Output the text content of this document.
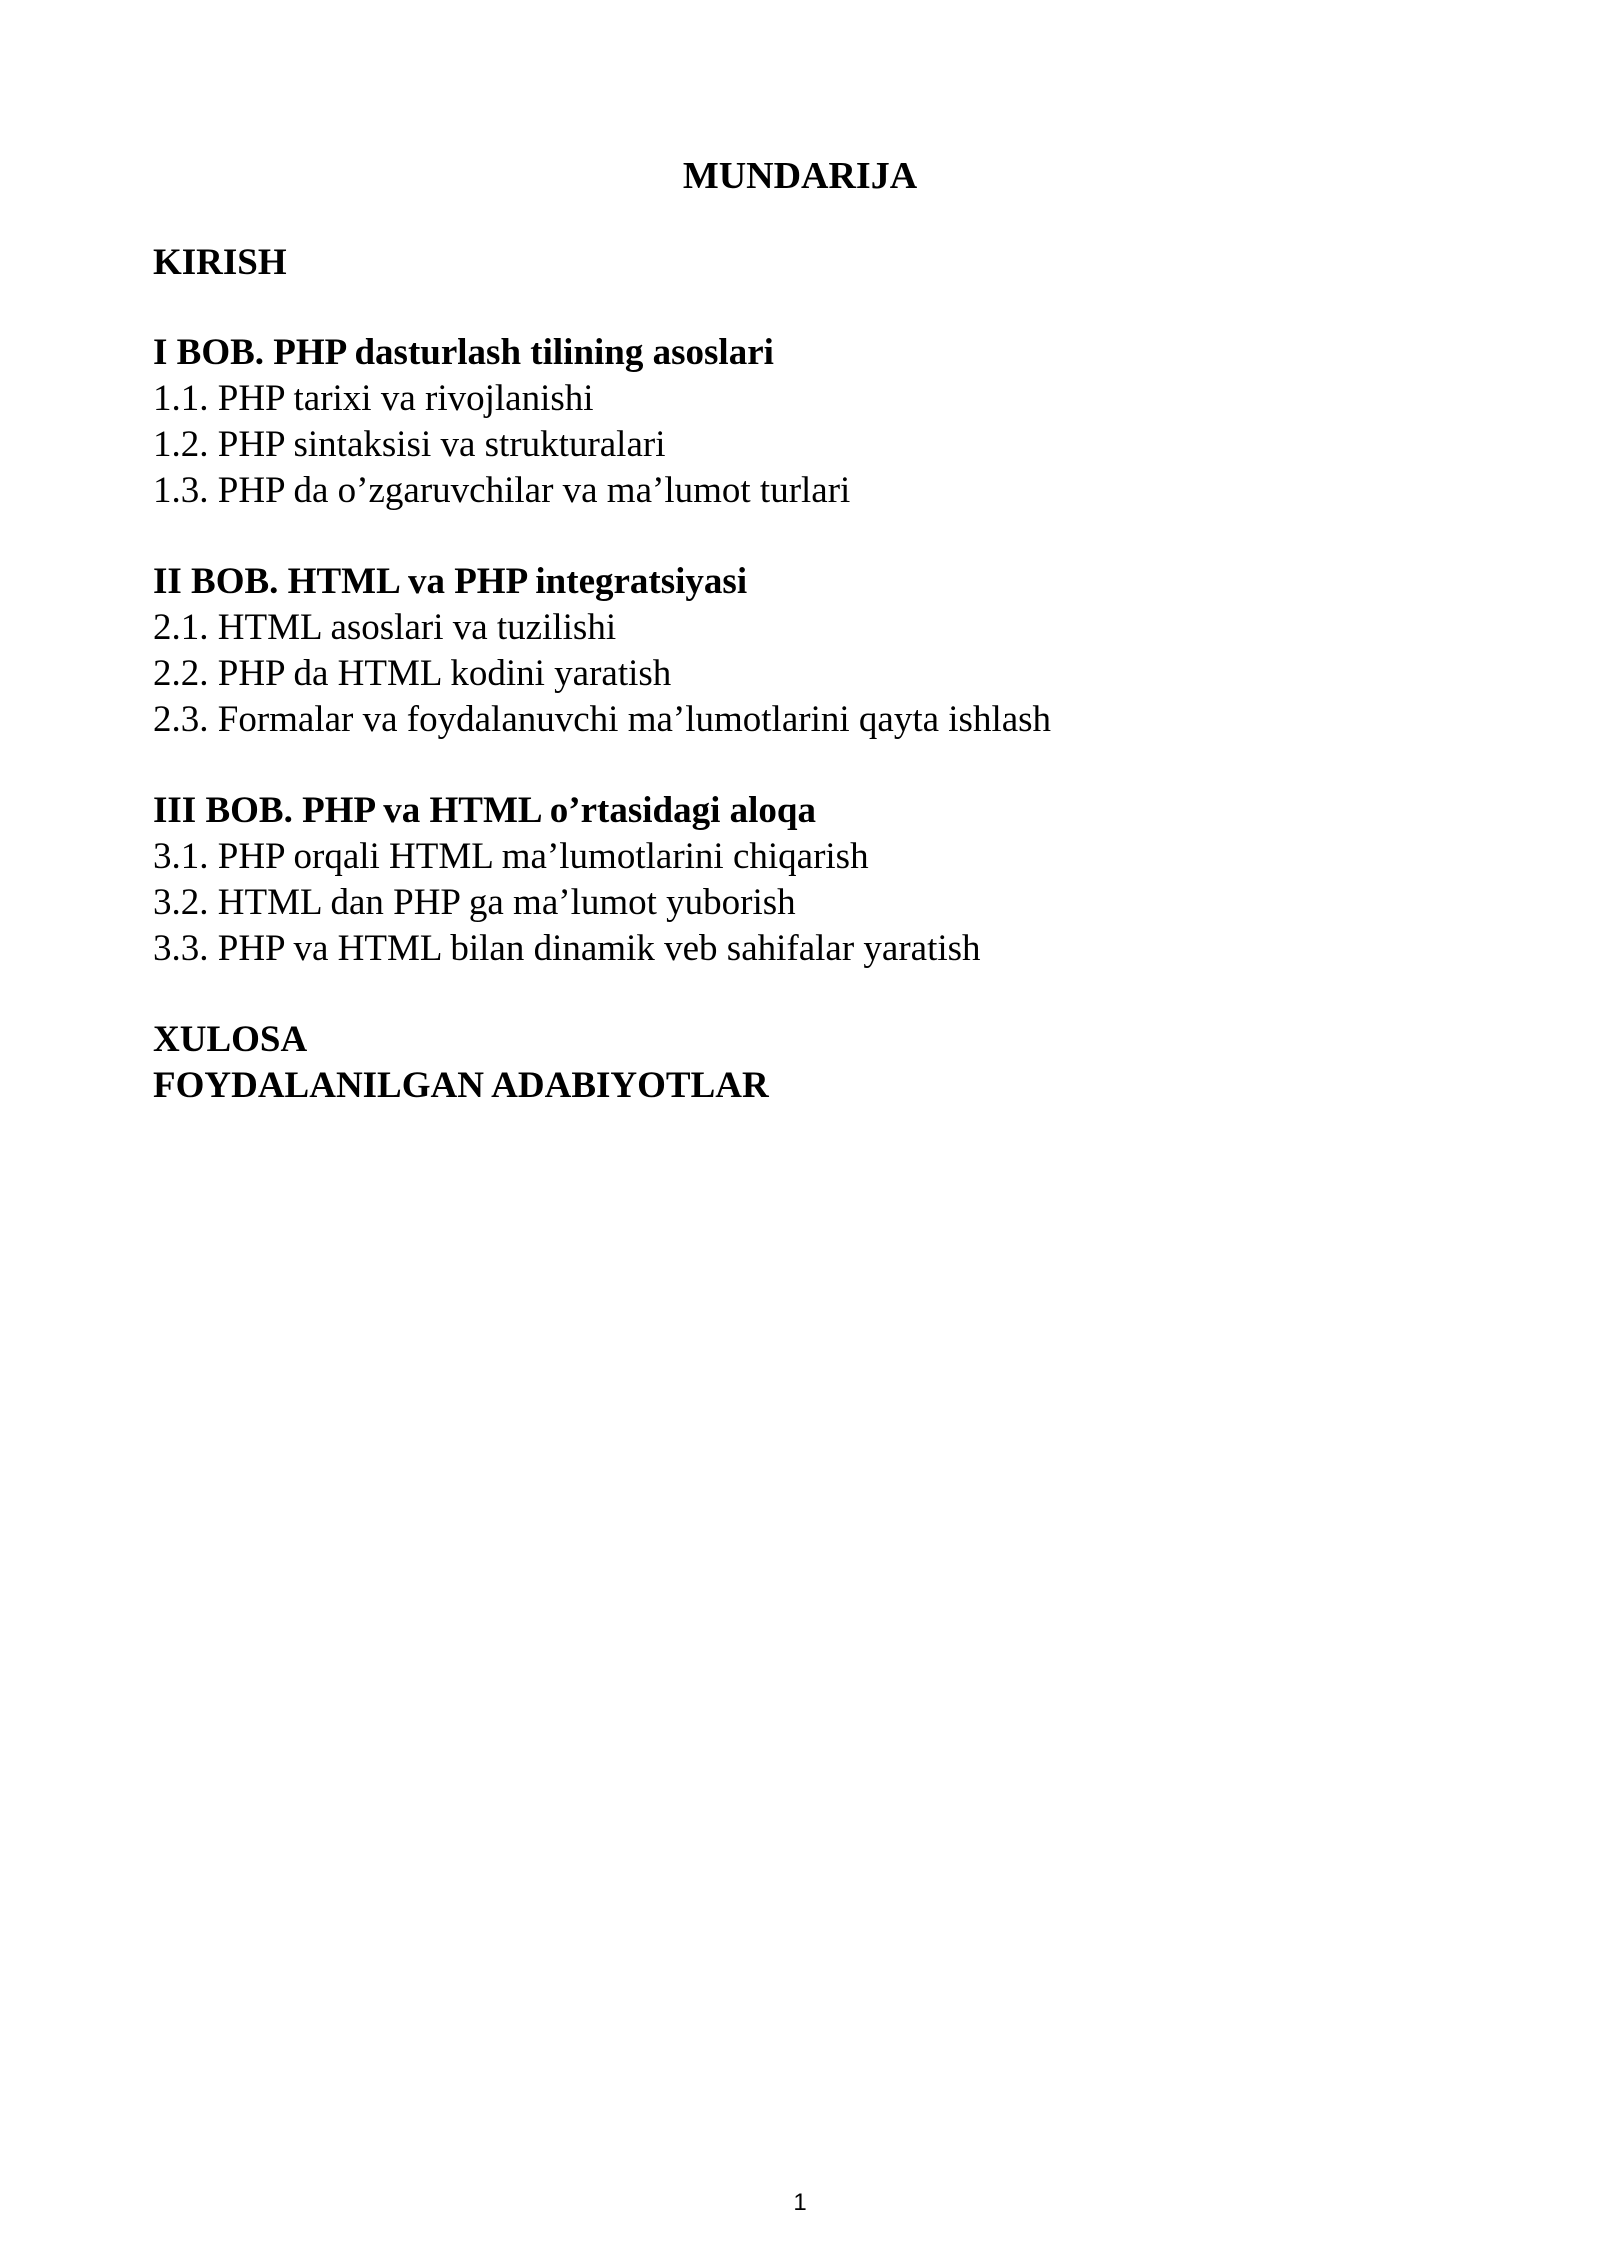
MUNDARIJA
KIRISH
I BOB. PHP dasturlash tilining asoslari
1.1. PHP tarixi va rivojlanishi
1.2. PHP sintaksisi va strukturalari
1.3. PHP da o’zgaruvchilar va ma’lumot turlari
II BOB. HTML va PHP integratsiyasi
2.1. HTML asoslari va tuzilishi
2.2. PHP da HTML kodini yaratish
2.3. Formalar va foydalanuvchi ma’lumotlarini qayta ishlash
III BOB. PHP va HTML o’rtasidagi aloqa
3.1. PHP orqali HTML ma’lumotlarini chiqarish
3.2. HTML dan PHP ga ma’lumot yuborish
3.3. PHP va HTML bilan dinamik veb sahifalar yaratish
XULOSA
FOYDALANILGAN ADABIYOTLAR
1
